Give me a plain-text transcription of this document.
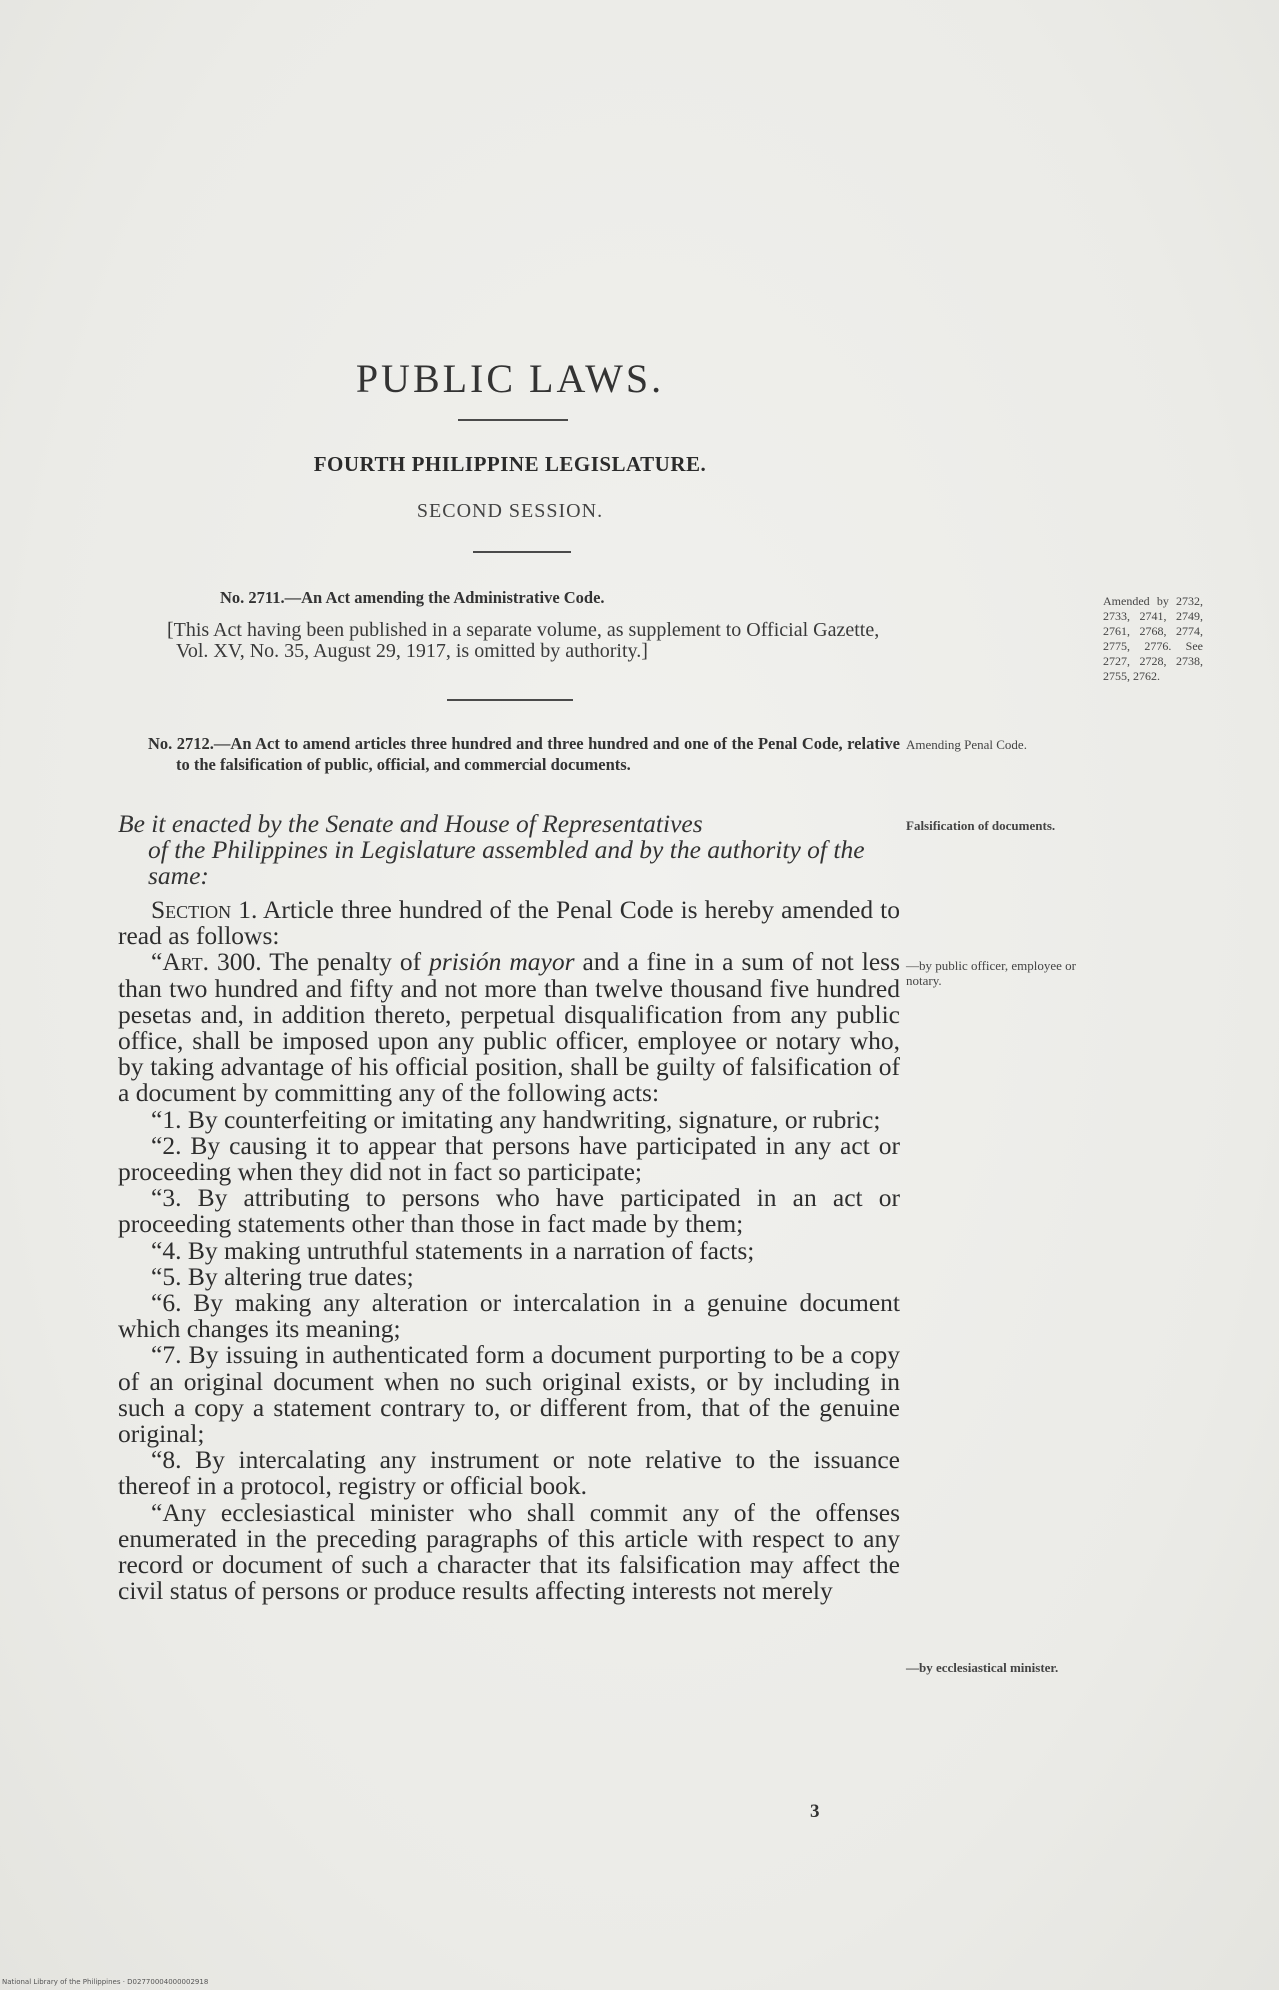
PUBLIC LAWS.
FOURTH PHILIPPINE LEGISLATURE.
SECOND SESSION.
No. 2711.—An Act amending the Administrative Code.
[This Act having been published in a separate volume, as supplement to Official Gazette, Vol. XV, No. 35, August 29, 1917, is omitted by authority.]
Amended by 2732, 2733, 2741, 2749, 2761, 2768, 2774, 2775, 2776. See 2727, 2728, 2738, 2755, 2762.
No. 2712.—An Act to amend articles three hundred and three hundred and one of the Penal Code, relative to the falsification of public, official, and commercial documents.
Amending Penal Code.
Falsification of documents.
Be it enacted by the Senate and House of Representatives
of the Philippines in Legislature assembled and by the authority of the same:

Section 1. Article three hundred of the Penal Code is hereby amended to read as follows:

“Art. 300. The penalty of prisión mayor and a fine in a sum of not less than two hundred and fifty and not more than twelve thousand five hundred pesetas and, in addition thereto, perpetual disqualification from any public office, shall be imposed upon any public officer, employee or notary who, by taking advantage of his official position, shall be guilty of falsification of a document by committing any of the following acts:

“1. By counterfeiting or imitating any handwriting, signature, or rubric;

“2. By causing it to appear that persons have participated in any act or proceeding when they did not in fact so participate;

“3. By attributing to persons who have participated in an act or proceeding statements other than those in fact made by them;

“4. By making untruthful statements in a narration of facts;

“5. By altering true dates;

“6. By making any alteration or intercalation in a genuine document which changes its meaning;

“7. By issuing in authenticated form a document purporting to be a copy of an original document when no such original exists, or by including in such a copy a statement contrary to, or different from, that of the genuine original;

“8. By intercalating any instrument or note relative to the issuance thereof in a protocol, registry or official book.

“Any ecclesiastical minister who shall commit any of the offenses enumerated in the preceding paragraphs of this article with respect to any record or document of such a character that its falsification may affect the civil status of persons or produce results affecting interests not merely

—by public officer, employee or notary.
—by ecclesiastical minister.
3
National Library of the Philippines · D02770004000002918
